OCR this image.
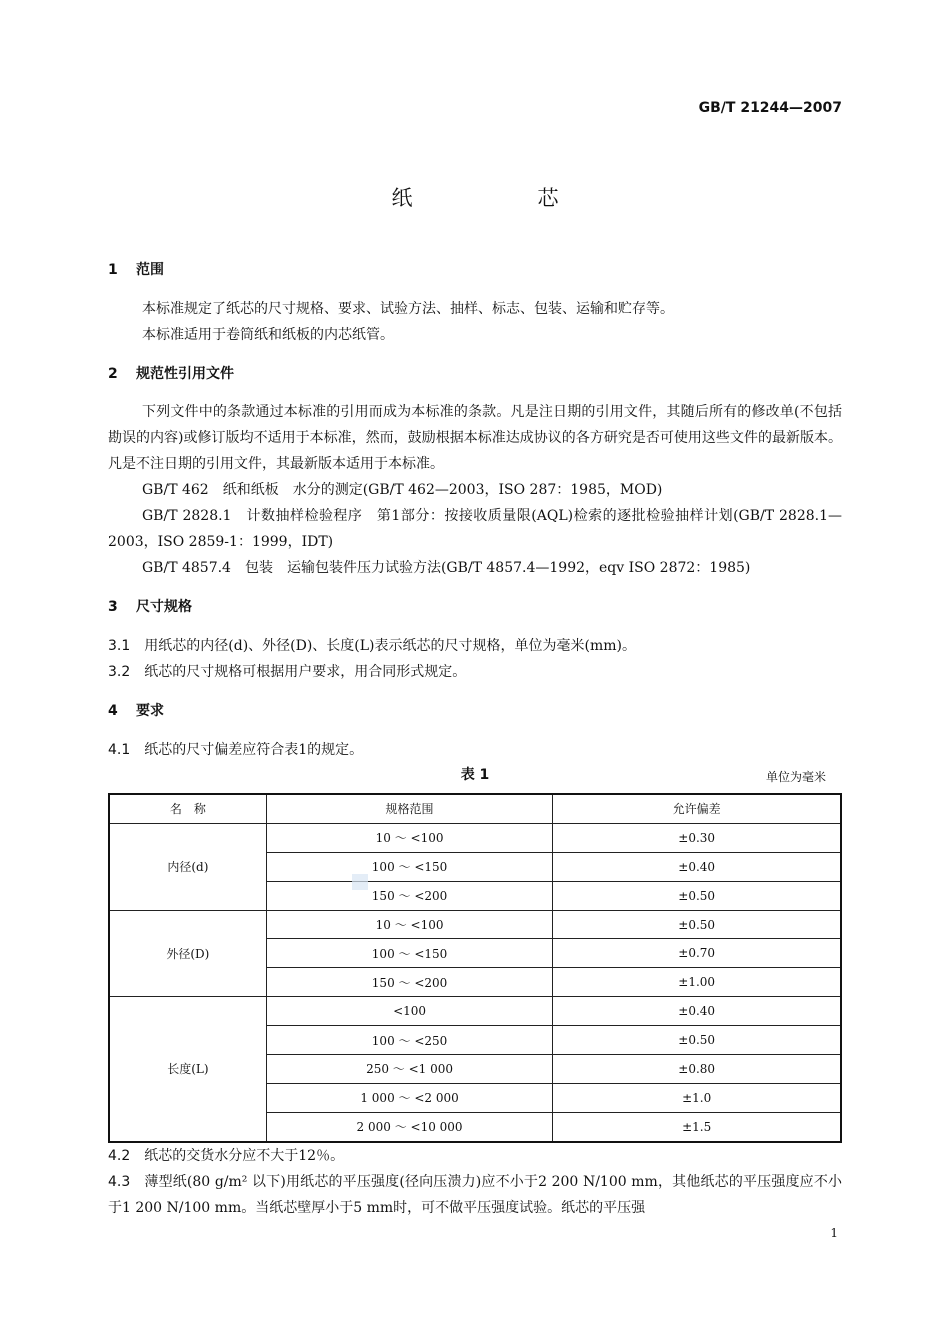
GB/T 21244—2007
纸　芯
1 范围
本标准规定了纸芯的尺寸规格、要求、试验方法、抽样、标志、包装、运输和贮存等。
本标准适用于卷筒纸和纸板的内芯纸管。
2 规范性引用文件
下列文件中的条款通过本标准的引用而成为本标准的条款。凡是注日期的引用文件，其随后所有的修改单(不包括勘误的内容)或修订版均不适用于本标准，然而，鼓励根据本标准达成协议的各方研究是否可使用这些文件的最新版本。凡是不注日期的引用文件，其最新版本适用于本标准。
GB/T 462　纸和纸板　水分的测定(GB/T 462—2003，ISO 287：1985，MOD)
GB/T 2828.1　计数抽样检验程序　第1部分：按接收质量限(AQL)检索的逐批检验抽样计划(GB/T 2828.1—2003，ISO 2859-1：1999，IDT)
GB/T 4857.4　包装　运输包装件压力试验方法(GB/T 4857.4—1992，eqv ISO 2872：1985)
3 尺寸规格
3.1 用纸芯的内径(d)、外径(D)、长度(L)表示纸芯的尺寸规格，单位为毫米(mm)。
3.2 纸芯的尺寸规格可根据用户要求，用合同形式规定。
4 要求
4.1 纸芯的尺寸偏差应符合表1的规定。
表 1	单位为毫米
名　称	规格范围	允许偏差
内径(d)	10 ～ <100	±0.30
	100 ～ <150	±0.40
	150 ～ <200	±0.50
外径(D)	10 ～ <100	±0.50
	100 ～ <150	±0.70
	150 ～ <200	±1.00
长度(L)	<100	±0.40
	100 ～ <250	±0.50
	250 ～ <1 000	±0.80
	1 000 ～ <2 000	±1.0
	2 000 ～ <10 000	±1.5
4.2 纸芯的交货水分应不大于12％。
4.3 薄型纸(80 g/m² 以下)用纸芯的平压强度(径向压溃力)应不小于2 200 N/100 mm，其他纸芯的平压强度应不小于1 200 N/100 mm。当纸芯壁厚小于5 mm时，可不做平压强度试验。纸芯的平压强
1
